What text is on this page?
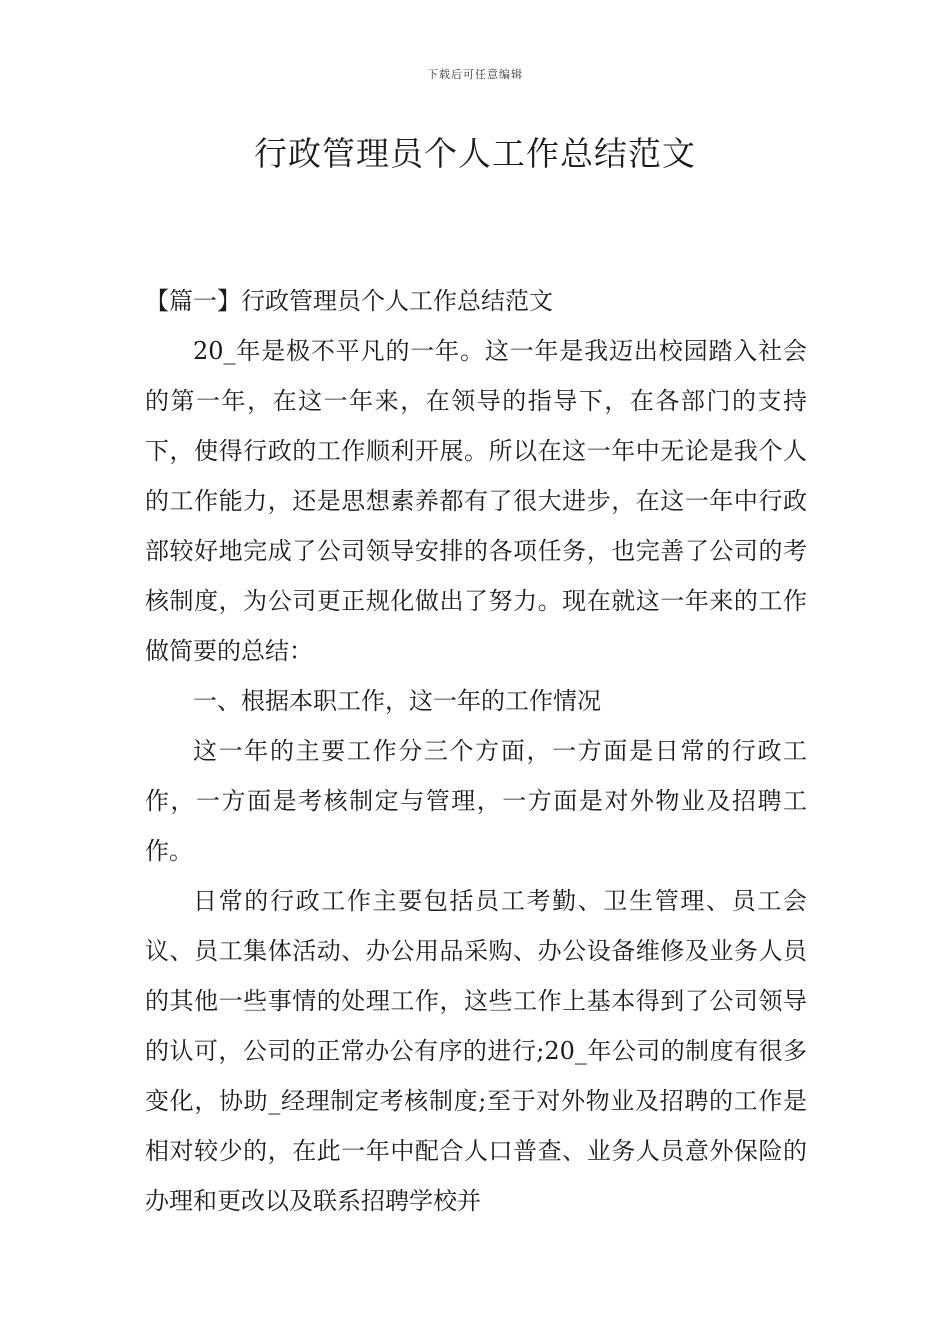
下载后可任意编辑
行政管理员个人工作总结范文

【篇一】行政管理员个人工作总结范文

20_年是极不平凡的一年。这一年是我迈出校园踏入社会的第一年，在这一年来，在领导的指导下，在各部门的支持下，使得行政的工作顺利开展。所以在这一年中无论是我个人的工作能力，还是思想素养都有了很大进步，在这一年中行政部较好地完成了公司领导安排的各项任务，也完善了公司的考核制度，为公司更正规化做出了努力。现在就这一年来的工作做简要的总结：

一、根据本职工作，这一年的工作情况

这一年的主要工作分三个方面，一方面是日常的行政工作，一方面是考核制定与管理，一方面是对外物业及招聘工作。

日常的行政工作主要包括员工考勤、卫生管理、员工会议、员工集体活动、办公用品采购、办公设备维修及业务人员的其他一些事情的处理工作，这些工作上基本得到了公司领导的认可，公司的正常办公有序的进行;20_年公司的制度有很多变化，协助_经理制定考核制度;至于对外物业及招聘的工作是相对较少的，在此一年中配合人口普查、业务人员意外保险的办理和更改以及联系招聘学校并
